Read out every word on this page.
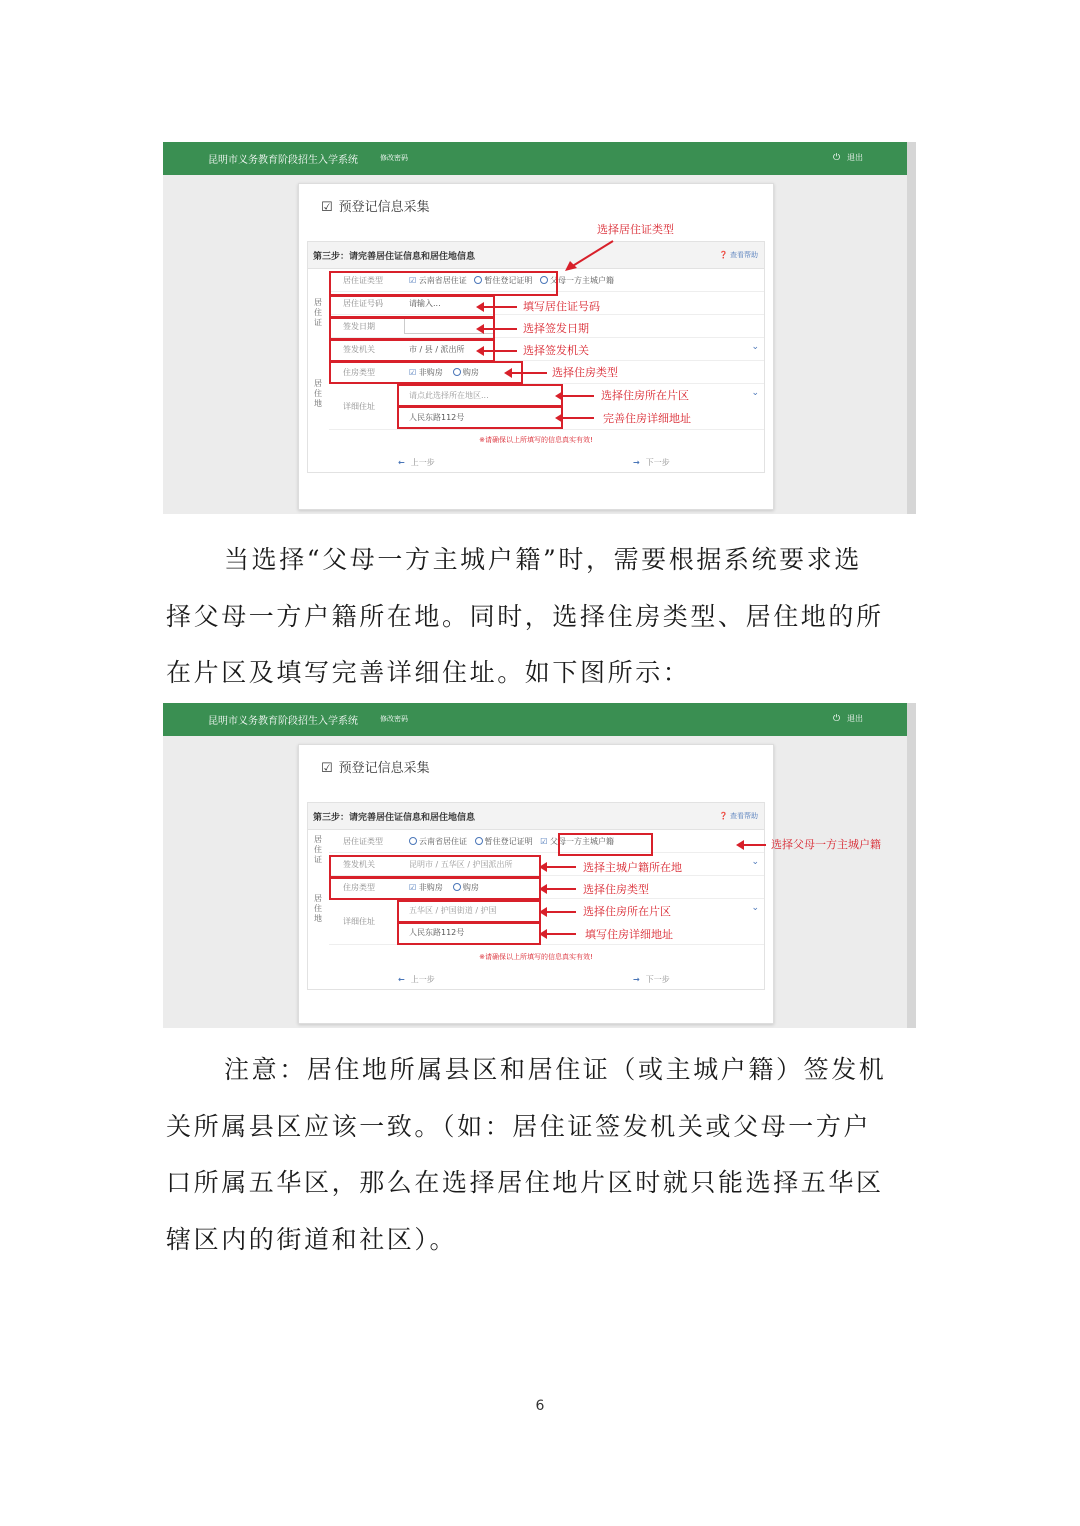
昆明市义务教育阶段招生入学系统	修改密码	⏻ 退出
☑ 预登记信息采集
第三步：请完善居住证信息和居住地信息	❓ 查看帮助
居住证
居住地
居住证类型	☑ 云南省居住证 暂住登记证明 父母一方主城户籍
居住证号码	请输入...
签发日期
签发机关	市 / 县 / 派出所	⌄
住房类型	☑ 非购房	购房
详细住址
请点此选择所在地区...	⌄
人民东路112号
※请确保以上所填写的信息真实有效!
← 上一步	→ 下一步
选择居住证类型
填写居住证号码
选择签发日期
选择签发机关
选择住房类型
选择住房所在片区
完善住房详细地址
当选择“父母一方主城户籍”时，需要根据系统要求选
择父母一方户籍所在地。同时，选择住房类型、居住地的所
在片区及填写完善详细住址。如下图所示：
昆明市义务教育阶段招生入学系统	修改密码	⏻ 退出
☑ 预登记信息采集
第三步：请完善居住证信息和居住地信息	❓ 查看帮助
居住证
居住地
居住证类型	云南省居住证 暂住登记证明 ☑ 父母一方主城户籍
签发机关	昆明市 / 五华区 / 护国派出所	⌄
住房类型	☑ 非购房	购房
详细住址
五华区 / 护国街道 / 护国	⌄
人民东路112号
※请确保以上所填写的信息真实有效!
← 上一步	→ 下一步
选择父母一方主城户籍
选择主城户籍所在地
选择住房类型
选择住房所在片区
填写住房详细地址
注意：居住地所属县区和居住证（或主城户籍）签发机
关所属县区应该一致。（如：居住证签发机关或父母一方户
口所属五华区，那么在选择居住地片区时就只能选择五华区
辖区内的街道和社区）。
6
